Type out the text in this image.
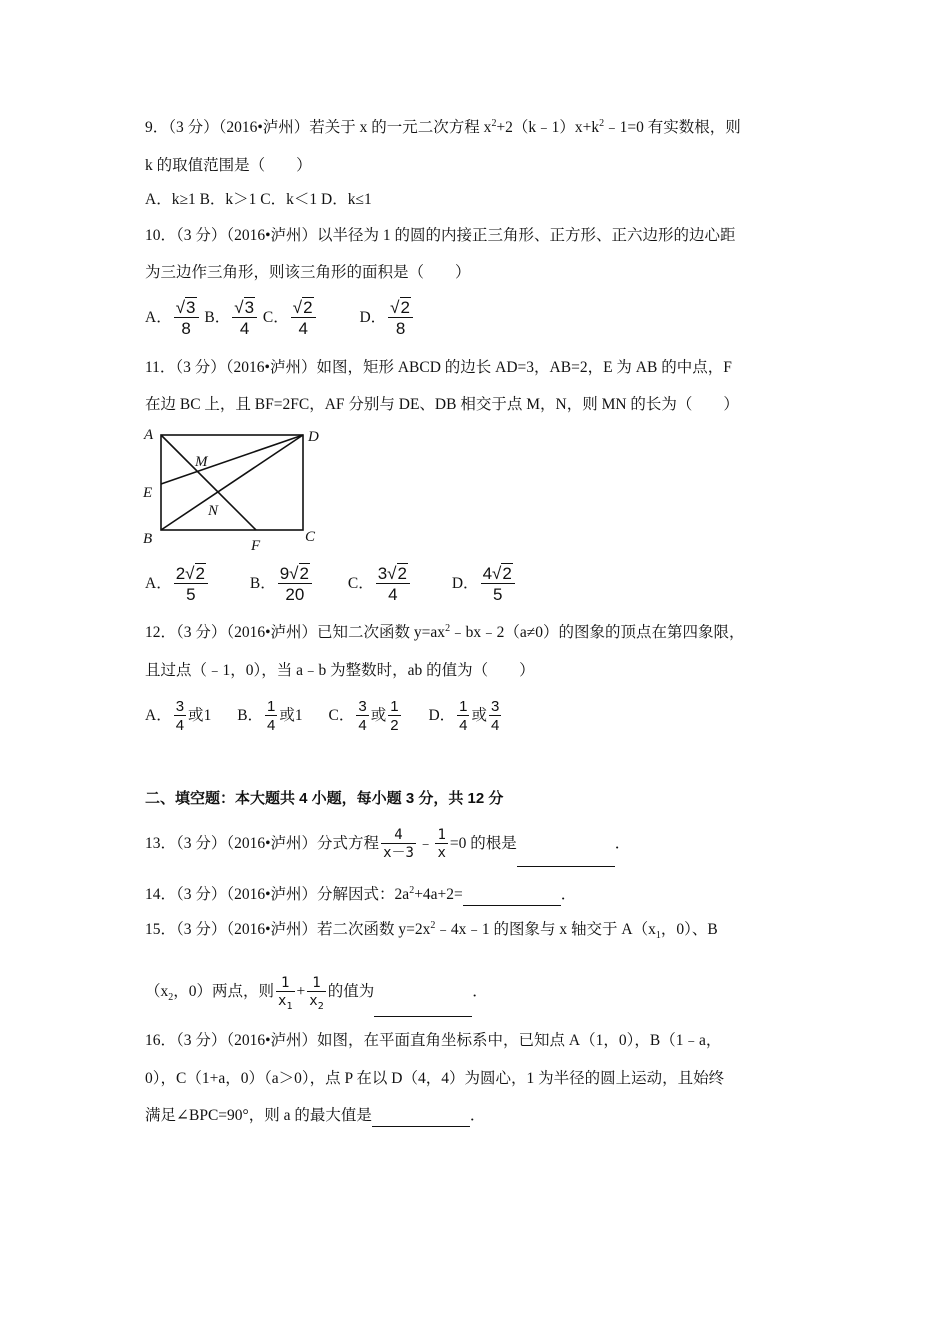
9．（3 分）（2016•泸州）若关于 x 的一元二次方程 $x^2+2(k﹣1)x+k^2﹣1=0$ 有实数根，则
k 的取值范围是（　　）
A．k≥1 B．k＞1 C．k＜1 D．k≤1
10．（3 分）（2016•泸州）以半径为 1 的圆的内接正三角形、正方形、正六边形的边心距
为三边作三角形，则该三角形的面积是（　　）
A． $\frac{√3}{8}$ B． $\frac{√3}{4}$ C． $\frac{√2}{4}$	D． $\frac{√2}{8}$
11．（3 分）（2016•泸州）如图，矩形 ABCD 的边长 AD=3，AB=2，E 为 AB 的中点，F
在边 BC 上，且 BF=2FC，AF 分别与 DE、DB 相交于点 M，N，则 MN 的长为（　　）
A	D
M
E
N
B	F
C
A． $\frac{2√2}{5}$	B． $\frac{9√2}{20}$ C． $\frac{3√2}{4}$	D． $\frac{4√2}{5}$
12．（3 分）（2016•泸州）已知二次函数 $y=ax^2﹣bx﹣2(a\ne 0)$的图象的顶点在第四象限，
且过点（﹣1，0），当 a﹣b 为整数时，ab 的值为（　　）
A． $\frac{3}{4}$ 或1 B． $\frac{1}{4}$ 或1 C． $\frac{3}{4}$ 或 $\frac{1}{2}$ D． $\frac{1}{4}$ 或 $\frac{3}{4}$
二、填空题：本大题共 4 小题，每小题 3 分，共 12 分
13．（3 分）（2016•泸州）分式方程 $\frac{4}{x-3}$ ﹣ $\frac{1}{x} =0$ 的根是	．
14．（3 分）（2016•泸州）分解因式：$2a^2+4a+2=$	．
15．（3 分）（2016•泸州）若二次函数 $y=2x^2﹣4x﹣1$ 的图象与 x 轴交于 $A(x_1$，0）、B
（$x_2$，0）两点，则 $\frac{1}{x_1} + \frac{1}{x_2}$ 的值为	．
16．（3 分）（2016•泸州）如图，在平面直角坐标系中，已知点 A（1，0），B（1﹣a，
0），C（1+a，0）（a＞0），点 P 在以 D（4，4）为圆心，1 为半径的圆上运动，且始终
满足∠BPC=90°，则 a 的最大值是	．
